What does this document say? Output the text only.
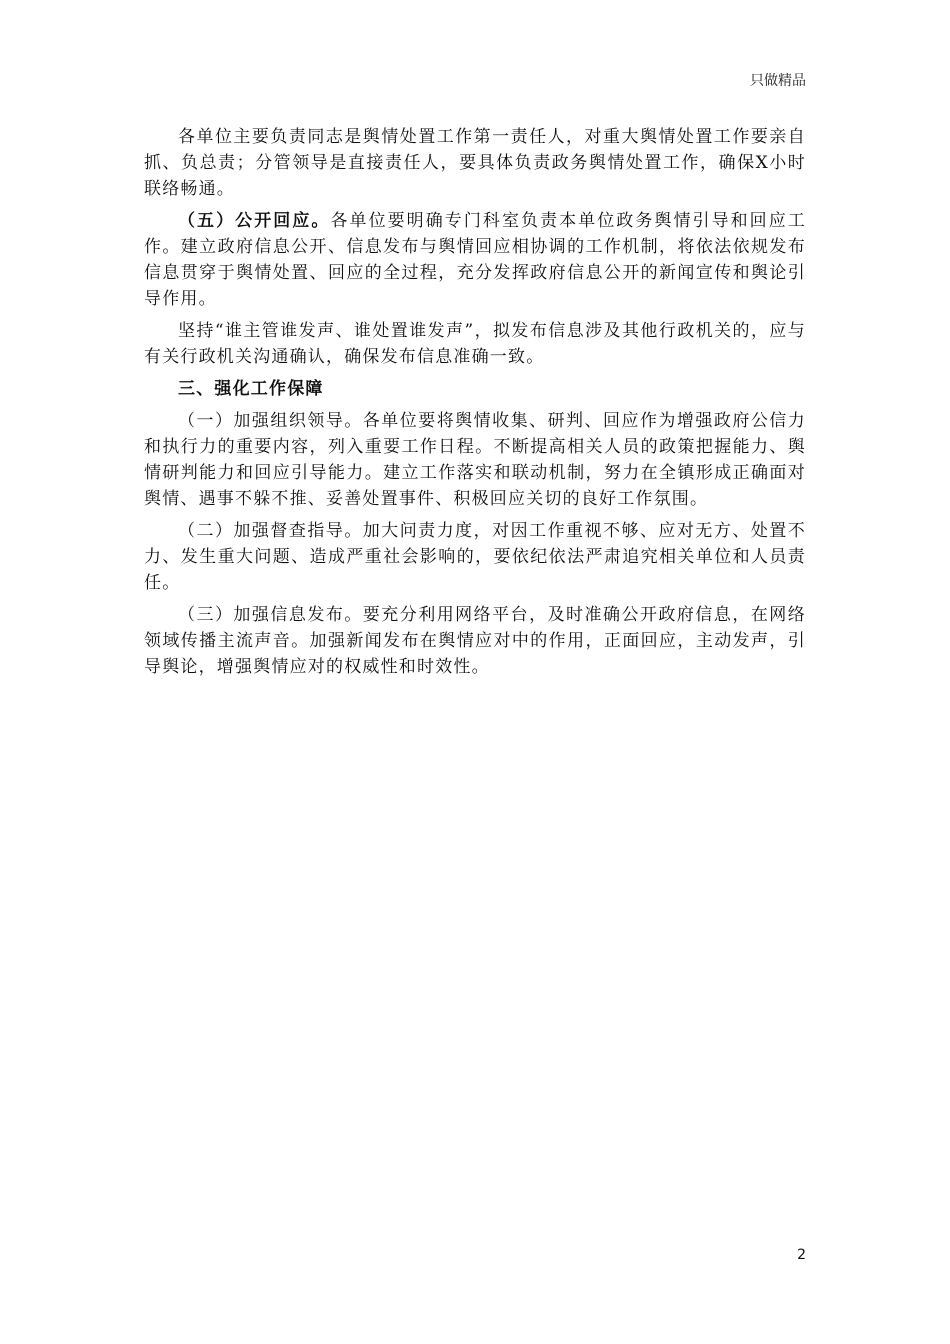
只做精品

各单位主要负责同志是舆情处置工作第一责任人，对重大舆情处置工作要亲自抓、负总责；分管领导是直接责任人，要具体负责政务舆情处置工作，确保X小时联络畅通。

（五）公开回应。各单位要明确专门科室负责本单位政务舆情引导和回应工作。建立政府信息公开、信息发布与舆情回应相协调的工作机制，将依法依规发布信息贯穿于舆情处置、回应的全过程，充分发挥政府信息公开的新闻宣传和舆论引导作用。

坚持“谁主管谁发声、谁处置谁发声”，拟发布信息涉及其他行政机关的，应与有关行政机关沟通确认，确保发布信息准确一致。

三、强化工作保障

（一）加强组织领导。各单位要将舆情收集、研判、回应作为增强政府公信力和执行力的重要内容，列入重要工作日程。不断提高相关人员的政策把握能力、舆情研判能力和回应引导能力。建立工作落实和联动机制，努力在全镇形成正确面对舆情、遇事不躲不推、妥善处置事件、积极回应关切的良好工作氛围。

（二）加强督查指导。加大问责力度，对因工作重视不够、应对无方、处置不力、发生重大问题、造成严重社会影响的，要依纪依法严肃追究相关单位和人员责任。

（三）加强信息发布。要充分利用网络平台，及时准确公开政府信息，在网络领域传播主流声音。加强新闻发布在舆情应对中的作用，正面回应，主动发声，引导舆论，增强舆情应对的权威性和时效性。

2
